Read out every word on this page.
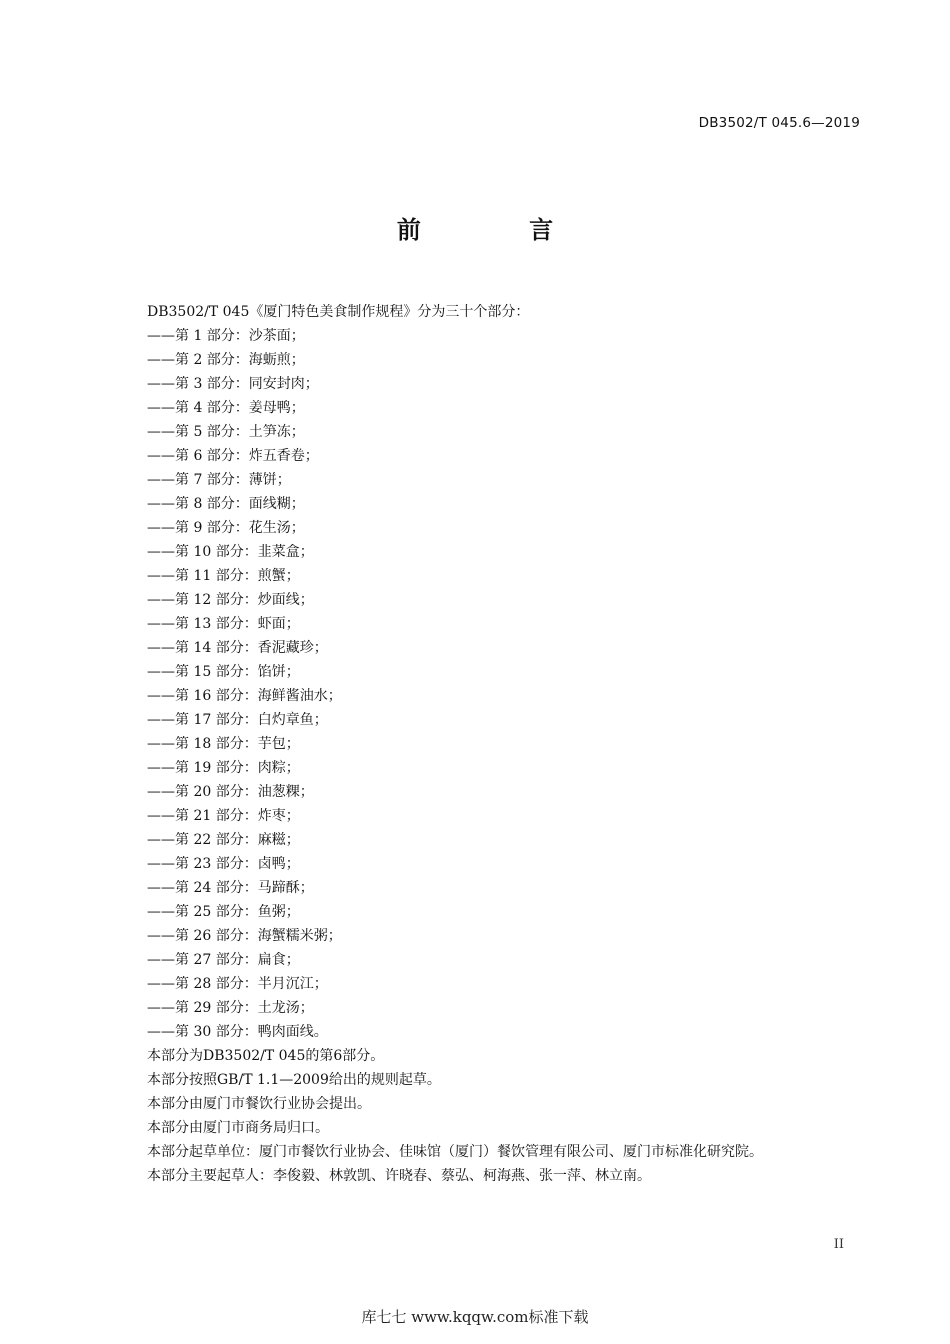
DB3502/T 045.6—2019
前 言
DB3502/T 045《厦门特色美食制作规程》分为三十个部分：
——第 1 部分：沙茶面；
——第 2 部分：海蛎煎；
——第 3 部分：同安封肉；
——第 4 部分：姜母鸭；
——第 5 部分：土笋冻；
——第 6 部分：炸五香卷；
——第 7 部分：薄饼；
——第 8 部分：面线糊；
——第 9 部分：花生汤；
——第 10 部分：韭菜盒；
——第 11 部分：煎蟹；
——第 12 部分：炒面线；
——第 13 部分：虾面；
——第 14 部分：香泥藏珍；
——第 15 部分：馅饼；
——第 16 部分：海鲜酱油水；
——第 17 部分：白灼章鱼；
——第 18 部分：芋包；
——第 19 部分：肉粽；
——第 20 部分：油葱粿；
——第 21 部分：炸枣；
——第 22 部分：麻糍；
——第 23 部分：卤鸭；
——第 24 部分：马蹄酥；
——第 25 部分：鱼粥；
——第 26 部分：海蟹糯米粥；
——第 27 部分：扁食；
——第 28 部分：半月沉江；
——第 29 部分：土龙汤；
——第 30 部分：鸭肉面线。
本部分为DB3502/T 045的第6部分。
本部分按照GB/T 1.1—2009给出的规则起草。
本部分由厦门市餐饮行业协会提出。
本部分由厦门市商务局归口。
本部分起草单位：厦门市餐饮行业协会、佳味馆（厦门）餐饮管理有限公司、厦门市标准化研究院。
本部分主要起草人：李俊毅、林敦凯、许晓春、蔡弘、柯海燕、张一萍、林立南。
II
库七七 www.kqqw.com标准下载
